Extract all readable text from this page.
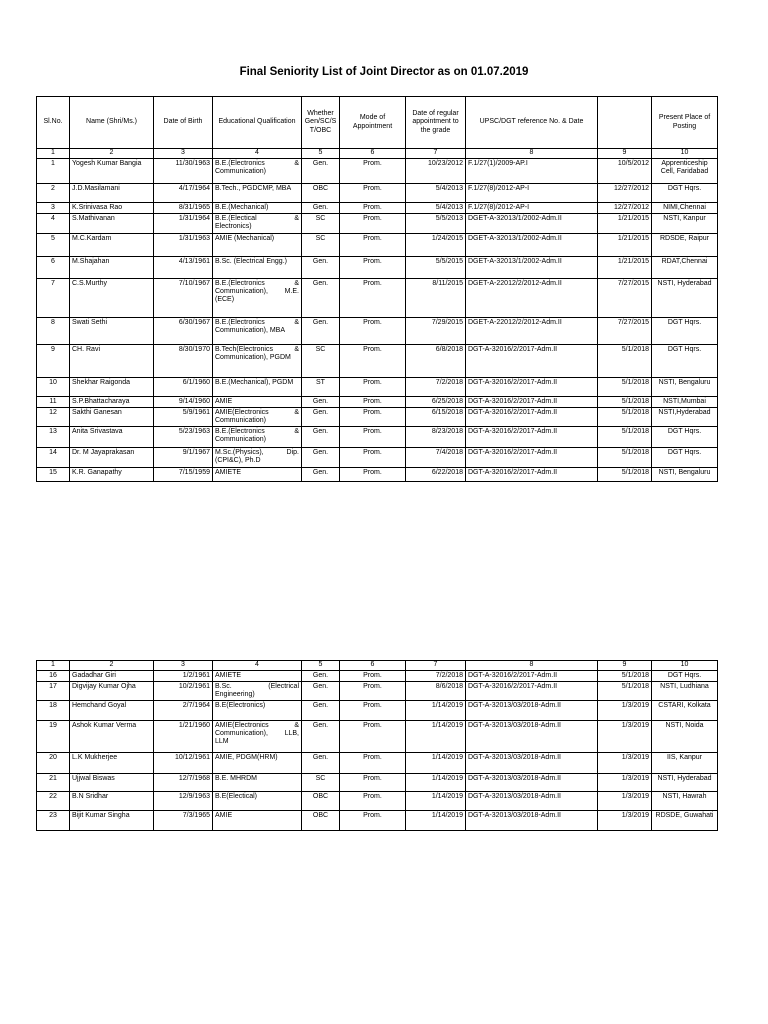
Final Seniority List of Joint Director as on 01.07.2019
Sl.No.	Name (Shri/Ms.)	Date of Birth	Educational Qualification	Whether Gen/SC/S T/OBC	Mode of Appointment	Date of regular appointment to the grade	UPSC/DGT reference No. & Date		Present Place of Posting
1	2	3	4	5	6	7	8	9	10
1	Yogesh Kumar Bangia	11/30/1963	B.E.(Electronics & Communication)	Gen.	Prom.	10/23/2012	F.1/27(1)/2009-AP.I	10/5/2012	Apprenticeship Cell, Faridabad
2	J.D.Masilamani	4/17/1964	B.Tech., PGDCMP, MBA	OBC	Prom.	5/4/2013	F.1/27(8)/2012-AP-I	12/27/2012	DGT Hqrs.
3	K.Srinivasa Rao	8/31/1965	B.E.(Mechanical)	Gen.	Prom.	5/4/2013	F.1/27(8)/2012-AP-I	12/27/2012	NIMI,Chennai
4	S.Mathivanan	1/31/1964	B.E.(Electical & Electronics)	SC	Prom.	5/5/2013	DGET-A-32013/1/2002-Adm.II	1/21/2015	NSTI, Kanpur
5	M.C.Kardam	1/31/1963	AMIE (Mechanical)	SC	Prom.	1/24/2015	DGET-A-32013/1/2002-Adm.II	1/21/2015	RDSDE, Raipur
6	M.Shajahan	4/13/1961	B.Sc. (Electrical Engg.)	Gen.	Prom.	5/5/2015	DGET-A-32013/1/2002-Adm.II	1/21/2015	RDAT,Chennai
7	C.S.Murthy	7/10/1967	B.E.(Electronics & Communication), M.E.(ECE)	Gen.	Prom.	8/11/2015	DGET-A-22012/2/2012-Adm.II	7/27/2015	NSTI, Hyderabad
8	Swati Sethi	6/30/1967	B.E.(Electronics & Communication), MBA	Gen.	Prom.	7/29/2015	DGET-A-22012/2/2012-Adm.II	7/27/2015	DGT Hqrs.
9	CH. Ravi	8/30/1970	B.Tech(Electronics & Communication), PGDM	SC	Prom.	6/8/2018	DGT-A-32016/2/2017-Adm.II	5/1/2018	DGT Hqrs.
10	Shekhar Raigonda	6/1/1960	B.E.(Mechanical), PGDM	ST	Prom.	7/2/2018	DGT-A-32016/2/2017-Adm.II	5/1/2018	NSTI, Bengaluru
11	S.P.Bhattacharaya	9/14/1960	AMIE	Gen.	Prom.	6/25/2018	DGT-A-32016/2/2017-Adm.II	5/1/2018	NSTI,Mumbai
12	Sakthi Ganesan	5/9/1961	AMIE(Electronics & Communication)	Gen.	Prom.	6/15/2018	DGT-A-32016/2/2017-Adm.II	5/1/2018	NSTI,Hyderabad
13	Anita Srivastava	5/23/1963	B.E.(Electronics & Communication)	Gen.	Prom.	8/23/2018	DGT-A-32016/2/2017-Adm.II	5/1/2018	DGT Hqrs.
14	Dr. M Jayaprakasan	9/1/1967	M.Sc.(Physics), Dip.(CPI&C), Ph.D	Gen.	Prom.	7/4/2018	DGT-A-32016/2/2017-Adm.II	5/1/2018	DGT Hqrs.
15	K.R. Ganapathy	7/15/1959	AMIETE	Gen.	Prom.	6/22/2018	DGT-A-32016/2/2017-Adm.II	5/1/2018	NSTI, Bengaluru
1	2	3	4	5	6	7	8	9	10
16	Gadadhar Giri	1/2/1961	AMIETE	Gen.	Prom.	7/2/2018	DGT-A-32016/2/2017-Adm.II	5/1/2018	DGT Hqrs.
17	Digvijay Kumar Ojha	10/2/1961	B.Sc. (Electrical Engineering)	Gen.	Prom.	8/6/2018	DGT-A-32016/2/2017-Adm.II	5/1/2018	NSTI, Ludhiana
18	Hemchand Goyal	2/7/1964	B.E(Electronics)	Gen.	Prom.	1/14/2019	DGT-A-32013/03/2018-Adm.II	1/3/2019	CSTARI, Kolkata
19	Ashok Kumar Verma	1/21/1960	AMIE(Electronics & Communication), LLB, LLM	Gen.	Prom.	1/14/2019	DGT-A-32013/03/2018-Adm.II	1/3/2019	NSTI, Noida
20	L.K Mukherjee	10/12/1961	AMIE, PDGM(HRM)	Gen.	Prom.	1/14/2019	DGT-A-32013/03/2018-Adm.II	1/3/2019	IIS, Kanpur
21	Ujjwal Biswas	12/7/1968	B.E. MHRDM	SC	Prom.	1/14/2019	DGT-A-32013/03/2018-Adm.II	1/3/2019	NSTI, Hyderabad
22	B.N Sridhar	12/9/1963	B.E(Electical)	OBC	Prom.	1/14/2019	DGT-A-32013/03/2018-Adm.II	1/3/2019	NSTI, Hawrah
23	Bijit Kumar Singha	7/3/1965	AMIE	OBC	Prom.	1/14/2019	DGT-A-32013/03/2018-Adm.II	1/3/2019	RDSDE, Guwahati
